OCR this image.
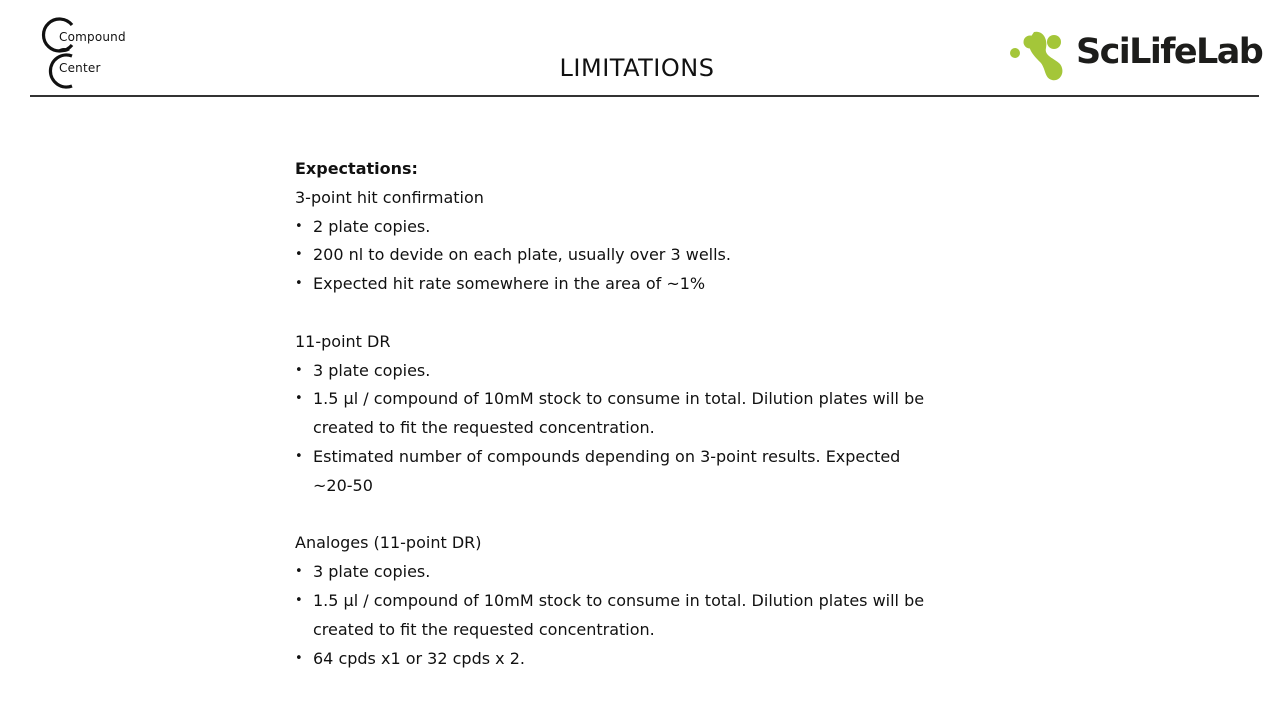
Compound
Center	LIMITATIONS	SciLifeLab
Expectations:
3-point hit confirmation
• 2 plate copies.
• 200 nl to devide on each plate, usually over 3 wells.
• Expected hit rate somewhere in the area of ~1%
11-point DR
• 3 plate copies.
• 1.5 µl / compound of 10mM stock to consume in total. Dilution plates will be created to fit the requested concentration.
• Estimated number of compounds depending on 3-point results. Expected ~20-50
Analoges (11-point DR)
• 3 plate copies.
• 1.5 µl / compound of 10mM stock to consume in total. Dilution plates will be created to fit the requested concentration.
• 64 cpds x1 or 32 cpds x 2.
